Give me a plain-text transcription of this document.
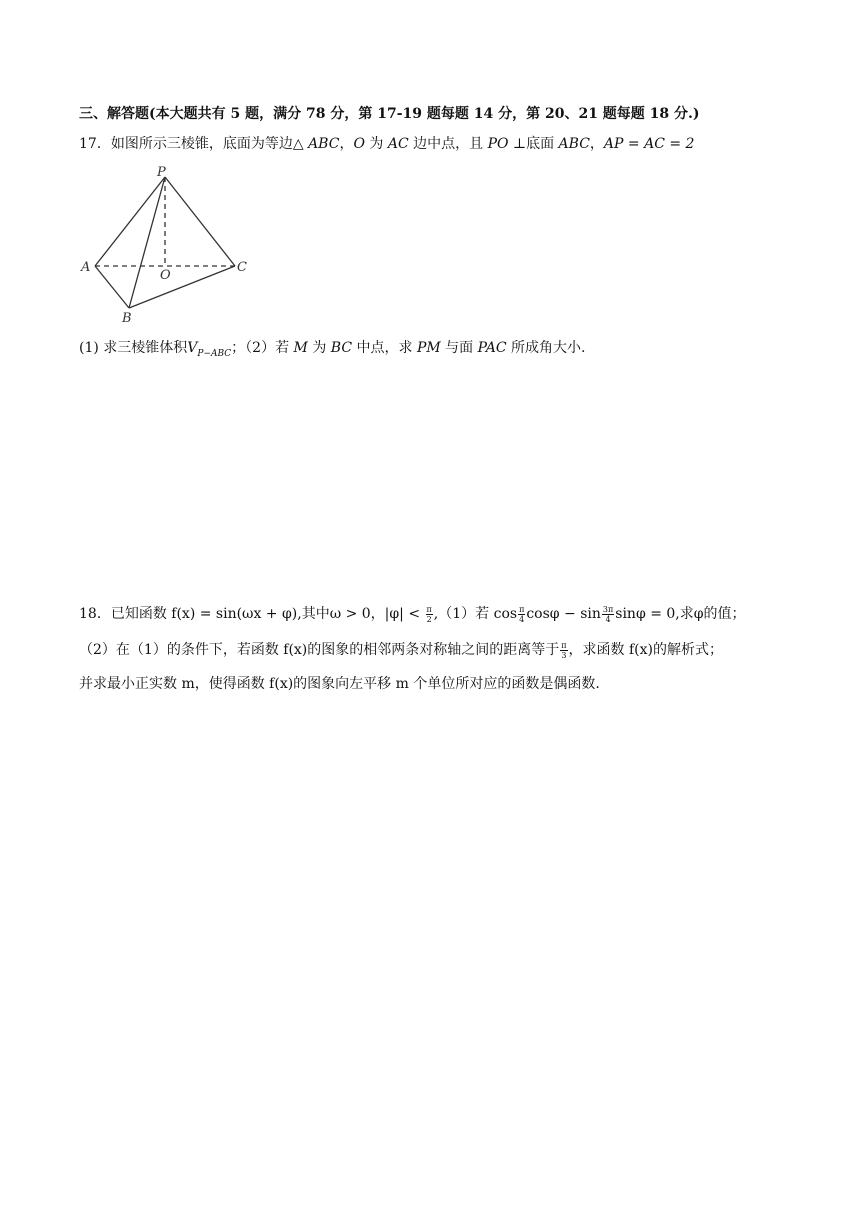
三、解答题(本大题共有 5 题，满分 78 分，第 17-19 题每题 14 分，第 20、21 题每题 18 分.)
17．如图所示三棱锥，底面为等边△ ABC，O 为 AC 边中点，且 PO ⊥底面 ABC，AP = AC = 2
P
A
O
C
B
(1) 求三棱锥体积$V_{P-ABC}$；（2）若 M 为 BC 中点，求 PM 与面 PAC 所成角大小.
18．已知函数 f(x) = sin(ωx + φ),其中ω > 0，$|\varphi| < \frac{\pi}{2} ,(1)$若 $\cos \frac{\pi}{4}$ $\cos\varphi - \sin \frac{3\pi}{4}$ sinφ = 0,求φ的值；
（2）在（1）的条件下，若函数 f(x)的图象的相邻两条对称轴之间的距离等于 $\frac{\pi}{3}$ ，求函数 f(x)的解析式；
并求最小正实数 m，使得函数 f(x)的图象向左平移 m 个单位所对应的函数是偶函数.
